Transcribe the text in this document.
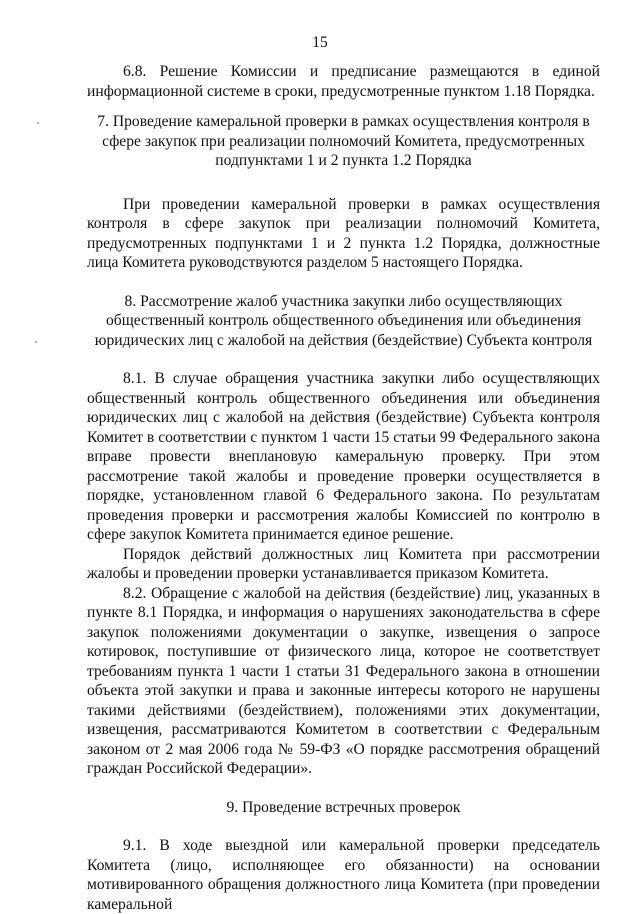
15

6.8. Решение Комиссии и предписание размещаются в единой информационной системе в сроки, предусмотренные пунктом 1.18 Порядка.

7. Проведение камеральной проверки в рамках осуществления контроля в сфере закупок при реализации полномочий Комитета, предусмотренных подпунктами 1 и 2 пункта 1.2 Порядка

При проведении камеральной проверки в рамках осуществления контроля в сфере закупок при реализации полномочий Комитета, предусмотренных подпунктами 1 и 2 пункта 1.2 Порядка, должностные лица Комитета руководствуются разделом 5 настоящего Порядка.

8. Рассмотрение жалоб участника закупки либо осуществляющих общественный контроль общественного объединения или объединения юридических лиц с жалобой на действия (бездействие) Субъекта контроля

8.1. В случае обращения участника закупки либо осуществляющих общественный контроль общественного объединения или объединения юридических лиц с жалобой на действия (бездействие) Субъекта контроля Комитет в соответствии с пунктом 1 части 15 статьи 99 Федерального закона вправе провести внеплановую камеральную проверку. При этом рассмотрение такой жалобы и проведение проверки осуществляется в порядке, установленном главой 6 Федерального закона. По результатам проведения проверки и рассмотрения жалобы Комиссией по контролю в сфере закупок Комитета принимается единое решение.

Порядок действий должностных лиц Комитета при рассмотрении жалобы и проведении проверки устанавливается приказом Комитета.

8.2. Обращение с жалобой на действия (бездействие) лиц, указанных в пункте 8.1 Порядка, и информация о нарушениях законодательства в сфере закупок положениями документации о закупке, извещения о запросе котировок, поступившие от физического лица, которое не соответствует требованиям пункта 1 части 1 статьи 31 Федерального закона в отношении объекта этой закупки и права и законные интересы которого не нарушены такими действиями (бездействием), положениями этих документации, извещения, рассматриваются Комитетом в соответствии с Федеральным законом от 2 мая 2006 года № 59-ФЗ «О порядке рассмотрения обращений граждан Российской Федерации».

9. Проведение встречных проверок

9.1. В ходе выездной или камеральной проверки председатель Комитета (лицо, исполняющее его обязанности) на основании мотивированного обращения должностного лица Комитета (при проведении камеральной
